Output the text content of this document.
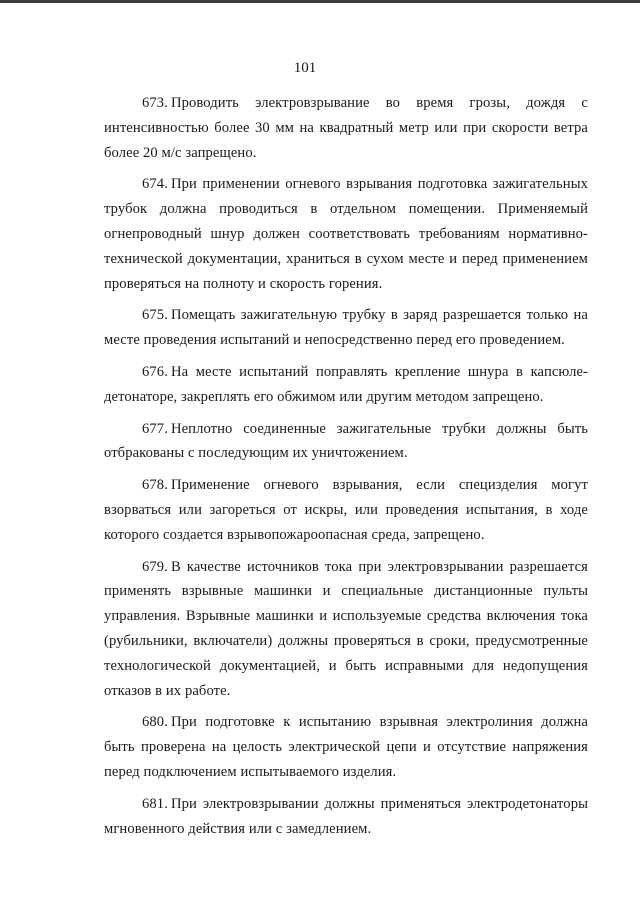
101

673. Проводить электровзрывание во время грозы, дождя с интенсивностью более 30 мм на квадратный метр или при скорости ветра более 20 м/с запрещено.

674. При применении огневого взрывания подготовка зажигательных трубок должна проводиться в отдельном помещении. Применяемый огнепроводный шнур должен соответствовать требованиям нормативно-технической документации, храниться в сухом месте и перед применением проверяться на полноту и скорость горения.

675. Помещать зажигательную трубку в заряд разрешается только на месте проведения испытаний и непосредственно перед его проведением.

676. На месте испытаний поправлять крепление шнура в капсюле-детонаторе, закреплять его обжимом или другим методом запрещено.

677. Неплотно соединенные зажигательные трубки должны быть отбракованы с последующим их уничтожением.

678. Применение огневого взрывания, если специзделия могут взорваться или загореться от искры, или проведения испытания, в ходе которого создается взрывопожароопасная среда, запрещено.

679. В качестве источников тока при электровзрывании разрешается применять взрывные машинки и специальные дистанционные пульты управления. Взрывные машинки и используемые средства включения тока (рубильники, включатели) должны проверяться в сроки, предусмотренные технологической документацией, и быть исправными для недопущения отказов в их работе.

680. При подготовке к испытанию взрывная электролиния должна быть проверена на целость электрической цепи и отсутствие напряжения перед подключением испытываемого изделия.

681. При электровзрывании должны применяться электродетонаторы мгновенного действия или с замедлением.
